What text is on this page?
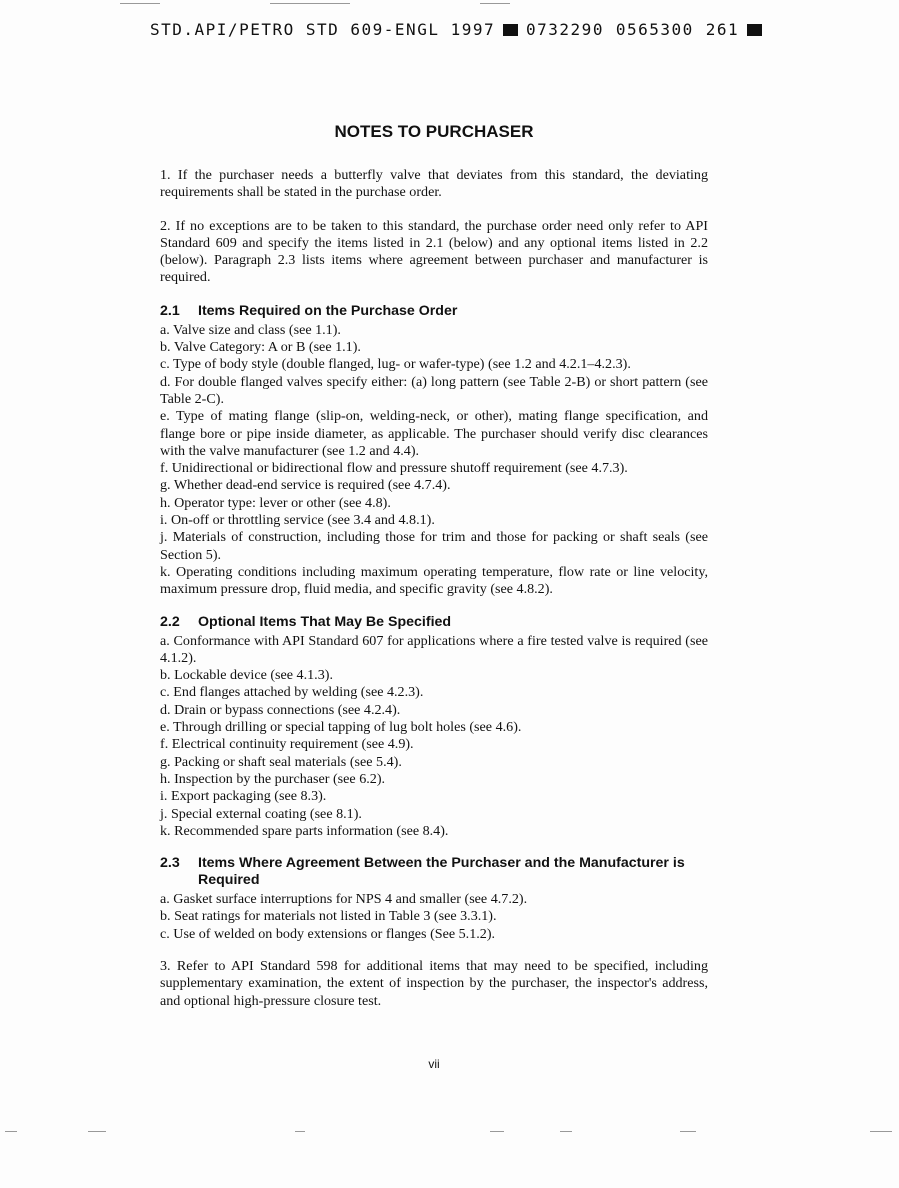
STD.API/PETRO STD 609-ENGL 1997 0732290 0565300 261
NOTES TO PURCHASER

1. If the purchaser needs a butterfly valve that deviates from this standard, the deviating requirements shall be stated in the purchase order.

2. If no exceptions are to be taken to this standard, the purchase order need only refer to API Standard 609 and specify the items listed in 2.1 (below) and any optional items listed in 2.2 (below). Paragraph 2.3 lists items where agreement between purchaser and manufacturer is required.

2.1	Items Required on the Purchase Order
a. Valve size and class (see 1.1).
b. Valve Category: A or B (see 1.1).
c. Type of body style (double flanged, lug- or wafer-type) (see 1.2 and 4.2.1–4.2.3).
d. For double flanged valves specify either: (a) long pattern (see Table 2-B) or short pattern (see Table 2-C).
e. Type of mating flange (slip-on, welding-neck, or other), mating flange specification, and flange bore or pipe inside diameter, as applicable. The purchaser should verify disc clearances with the valve manufacturer (see 1.2 and 4.4).
f. Unidirectional or bidirectional flow and pressure shutoff requirement (see 4.7.3).
g. Whether dead-end service is required (see 4.7.4).
h. Operator type: lever or other (see 4.8).
i. On-off or throttling service (see 3.4 and 4.8.1).
j. Materials of construction, including those for trim and those for packing or shaft seals (see Section 5).
k. Operating conditions including maximum operating temperature, flow rate or line velocity, maximum pressure drop, fluid media, and specific gravity (see 4.8.2).
2.2	Optional Items That May Be Specified
a. Conformance with API Standard 607 for applications where a fire tested valve is required (see 4.1.2).
b. Lockable device (see 4.1.3).
c. End flanges attached by welding (see 4.2.3).
d. Drain or bypass connections (see 4.2.4).
e. Through drilling or special tapping of lug bolt holes (see 4.6).
f. Electrical continuity requirement (see 4.9).
g. Packing or shaft seal materials (see 5.4).
h. Inspection by the purchaser (see 6.2).
i. Export packaging (see 8.3).
j. Special external coating (see 8.1).
k. Recommended spare parts information (see 8.4).
2.3	Items Where Agreement Between the Purchaser and the Manufacturer is Required
a. Gasket surface interruptions for NPS 4 and smaller (see 4.7.2).
b. Seat ratings for materials not listed in Table 3 (see 3.3.1).
c. Use of welded on body extensions or flanges (See 5.1.2).

3. Refer to API Standard 598 for additional items that may need to be specified, including supplementary examination, the extent of inspection by the purchaser, the inspector's address, and optional high-pressure closure test.

vii
